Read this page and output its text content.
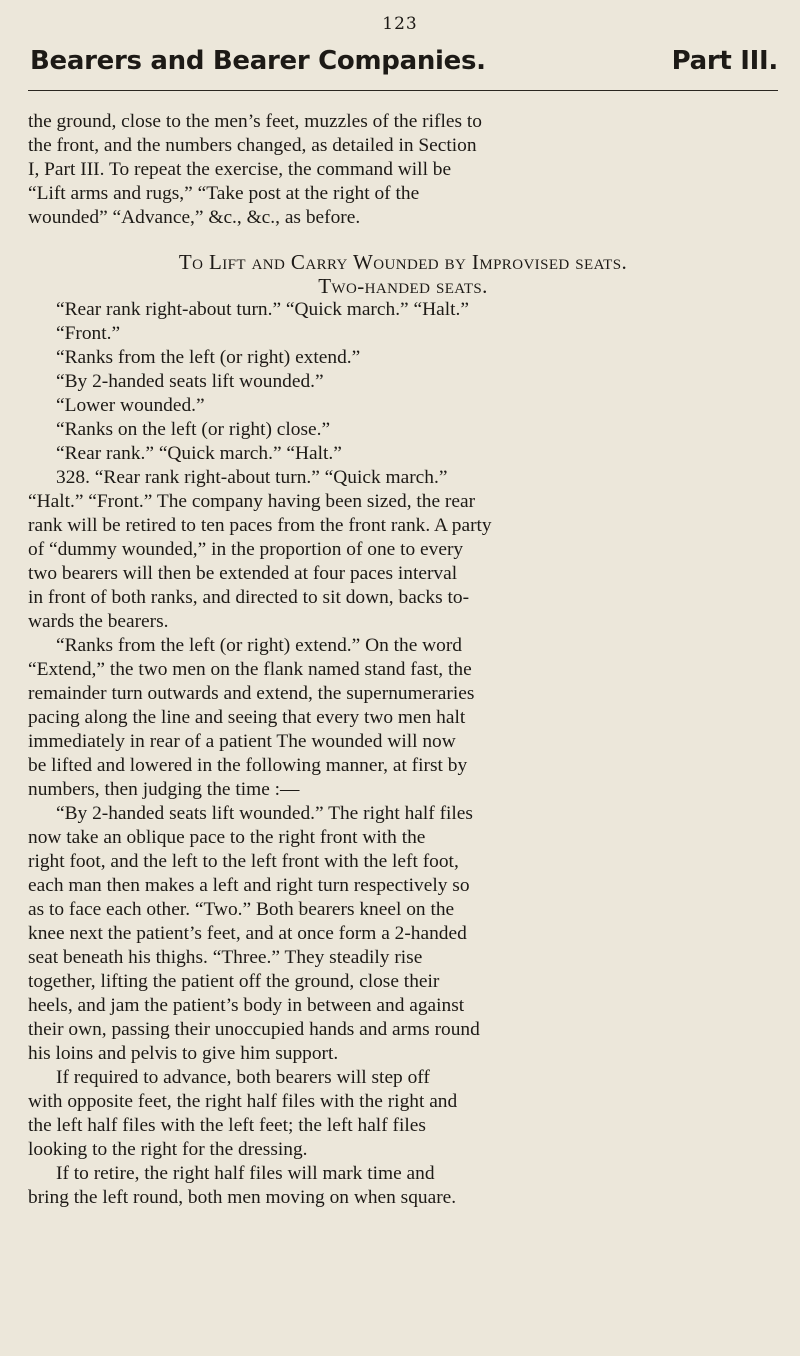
123
Bearers and Bearer Companies.	Part III.
the ground, close to the men’s feet, muzzles of the rifles to
the front, and the numbers changed, as detailed in Section
I, Part III. To repeat the exercise, the command will be
“Lift arms and rugs,” “Take post at the right of the
wounded” “Advance,” &c., &c., as before.

To Lift and Carry Wounded by Improvised seats.

Two-handed seats.

“Rear rank right-about turn.” “Quick march.” “Halt.”

“Front.”

“Ranks from the left (or right) extend.”

“By 2-handed seats lift wounded.”

“Lower wounded.”

“Ranks on the left (or right) close.”

“Rear rank.” “Quick march.” “Halt.”

328. “Rear rank right-about turn.” “Quick march.”
“Halt.” “Front.” The company having been sized, the rear
rank will be retired to ten paces from the front rank. A party
of “dummy wounded,” in the proportion of one to every
two bearers will then be extended at four paces interval
in front of both ranks, and directed to sit down, backs to-
wards the bearers.
“Ranks from the left (or right) extend.” On the word
“Extend,” the two men on the flank named stand fast, the
remainder turn outwards and extend, the supernumeraries
pacing along the line and seeing that every two men halt
immediately in rear of a patient The wounded will now
be lifted and lowered in the following manner, at first by
numbers, then judging the time :—
“By 2-handed seats lift wounded.” The right half files
now take an oblique pace to the right front with the
right foot, and the left to the left front with the left foot,
each man then makes a left and right turn respectively so
as to face each other. “Two.” Both bearers kneel on the
knee next the patient’s feet, and at once form a 2-handed
seat beneath his thighs. “Three.” They steadily rise
together, lifting the patient off the ground, close their
heels, and jam the patient’s body in between and against
their own, passing their unoccupied hands and arms round
his loins and pelvis to give him support.
If required to advance, both bearers will step off
with opposite feet, the right half files with the right and
the left half files with the left feet; the left half files
looking to the right for the dressing.
If to retire, the right half files will mark time and
bring the left round, both men moving on when square.
